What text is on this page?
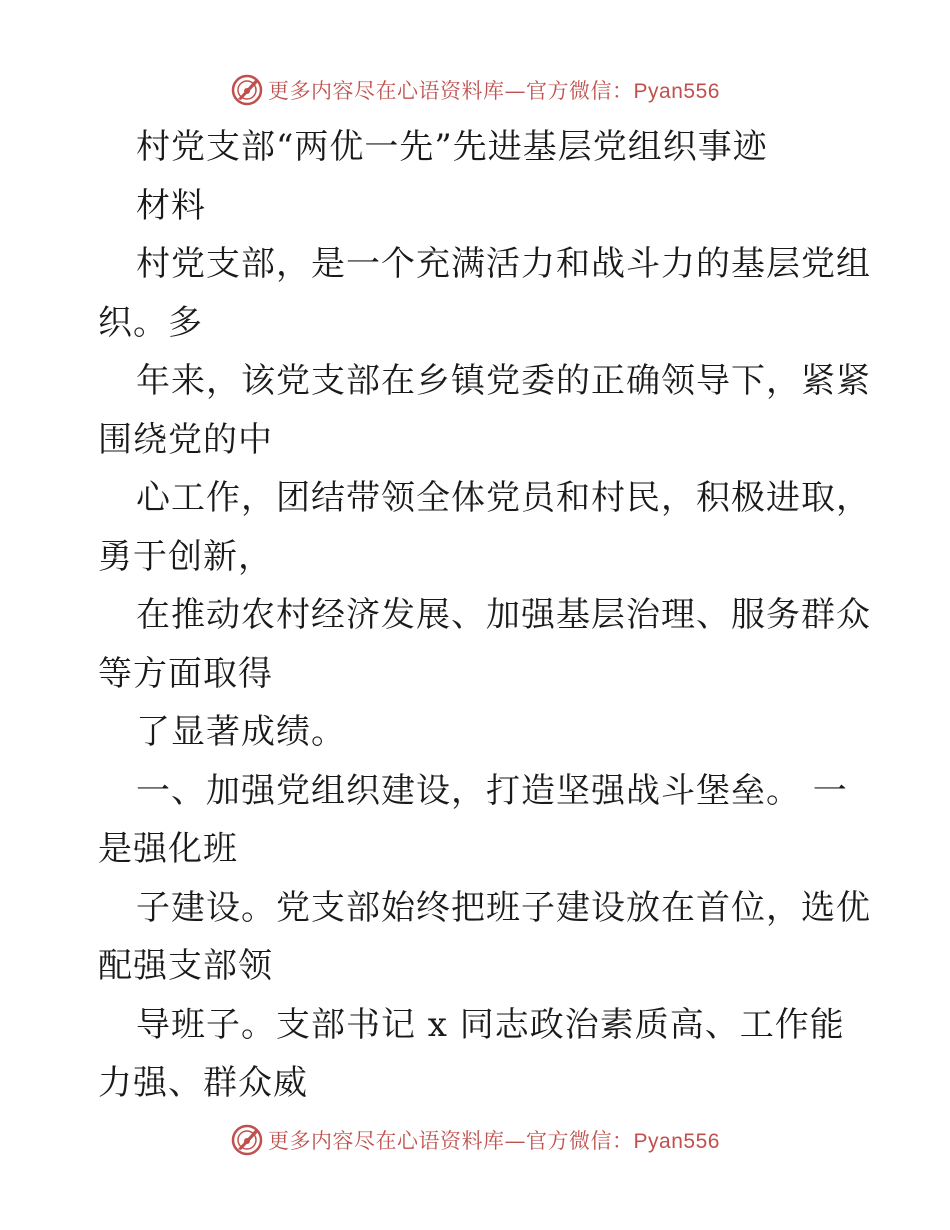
更多内容尽在心语资料库—官方微信：Pyan556
村党支部“两优一先”先进基层党组织事迹
材料
村党支部，是一个充满活力和战斗力的基层党组
织。多
年来，该党支部在乡镇党委的正确领导下，紧紧
围绕党的中
心工作，团结带领全体党员和村民，积极进取，
勇于创新，
在推动农村经济发展、加强基层治理、服务群众
等方面取得
了显著成绩。
一、加强党组织建设，打造坚强战斗堡垒。 一
是强化班
子建设。党支部始终把班子建设放在首位，选优
配强支部领
导班子。支部书记 x 同志政治素质高、工作能
力强、群众威
更多内容尽在心语资料库—官方微信：Pyan556
